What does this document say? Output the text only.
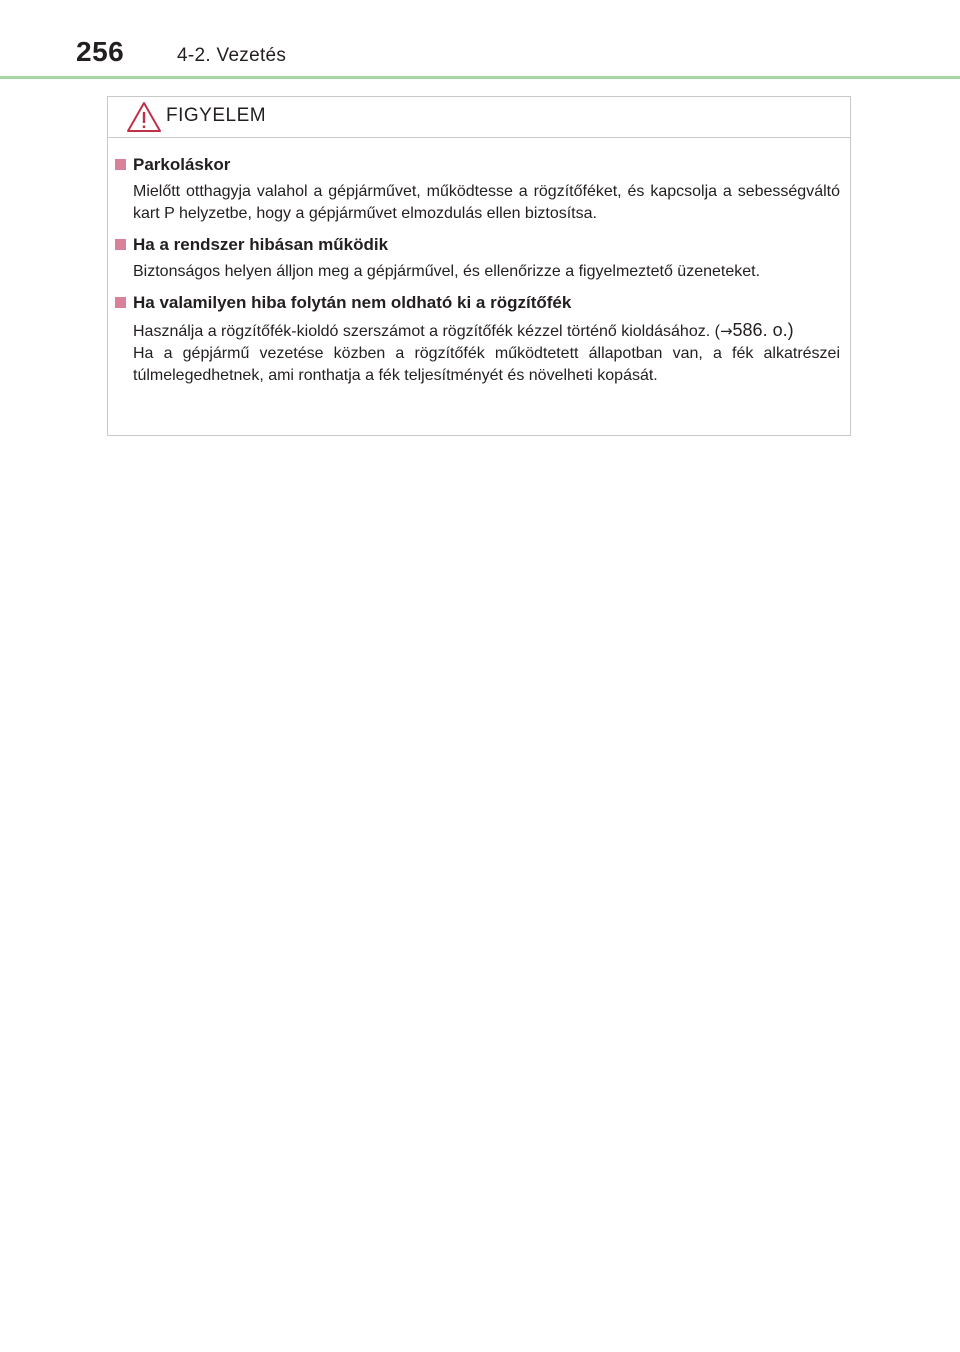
256	4-2. Vezetés
FIGYELEM
Parkoláskor
Mielőtt otthagyja valahol a gépjárművet, működtesse a rögzítőféket, és kapcsolja a sebességváltó kart P helyzetbe, hogy a gépjárművet elmozdulás ellen biztosítsa.
Ha a rendszer hibásan működik
Biztonságos helyen álljon meg a gépjárművel, és ellenőrizze a figyelmeztető üzeneteket.
Ha valamilyen hiba folytán nem oldható ki a rögzítőfék
Használja a rögzítőfék-kioldó szerszámot a rögzítőfék kézzel történő kioldásához. (→586. o.)
Ha a gépjármű vezetése közben a rögzítőfék működtetett állapotban van, a fék alkatrészei túlmelegedhetnek, ami ronthatja a fék teljesítményét és növelheti kopását.
